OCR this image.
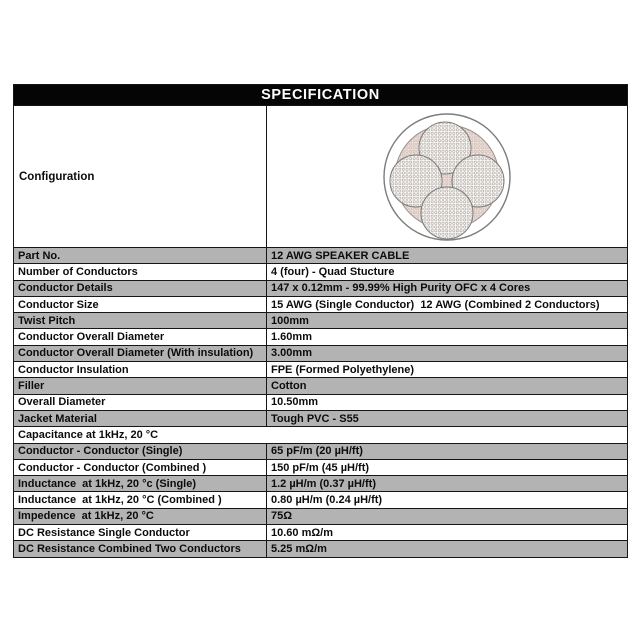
SPECIFICATION
Configuration
Part No.	12 AWG SPEAKER CABLE
Number of Conductors	4 (four) - Quad Stucture
Conductor Details	147 x 0.12mm - 99.99% High Purity OFC x 4 Cores
Conductor Size	15 AWG (Single Conductor)  12 AWG (Combined 2 Conductors)
Twist Pitch	100mm
Conductor Overall Diameter	1.60mm
Conductor Overall Diameter (With insulation)	3.00mm
Conductor Insulation	FPE (Formed Polyethylene)
Filler	Cotton
Overall Diameter	10.50mm
Jacket Material	Tough PVC - S55
Capacitance at 1kHz, 20 °C
Conductor - Conductor (Single)	65 pF/m (20 µH/ft)
Conductor - Conductor (Combined )	150 pF/m (45 µH/ft)
Inductance  at 1kHz, 20 °c (Single)	1.2 µH/m (0.37 µH/ft)
Inductance  at 1kHz, 20 °C (Combined )	0.80 µH/m (0.24 µH/ft)
Impedence  at 1kHz, 20 °C	75Ω
DC Resistance Single Conductor	10.60 mΩ/m
DC Resistance Combined Two Conductors	5.25 mΩ/m
